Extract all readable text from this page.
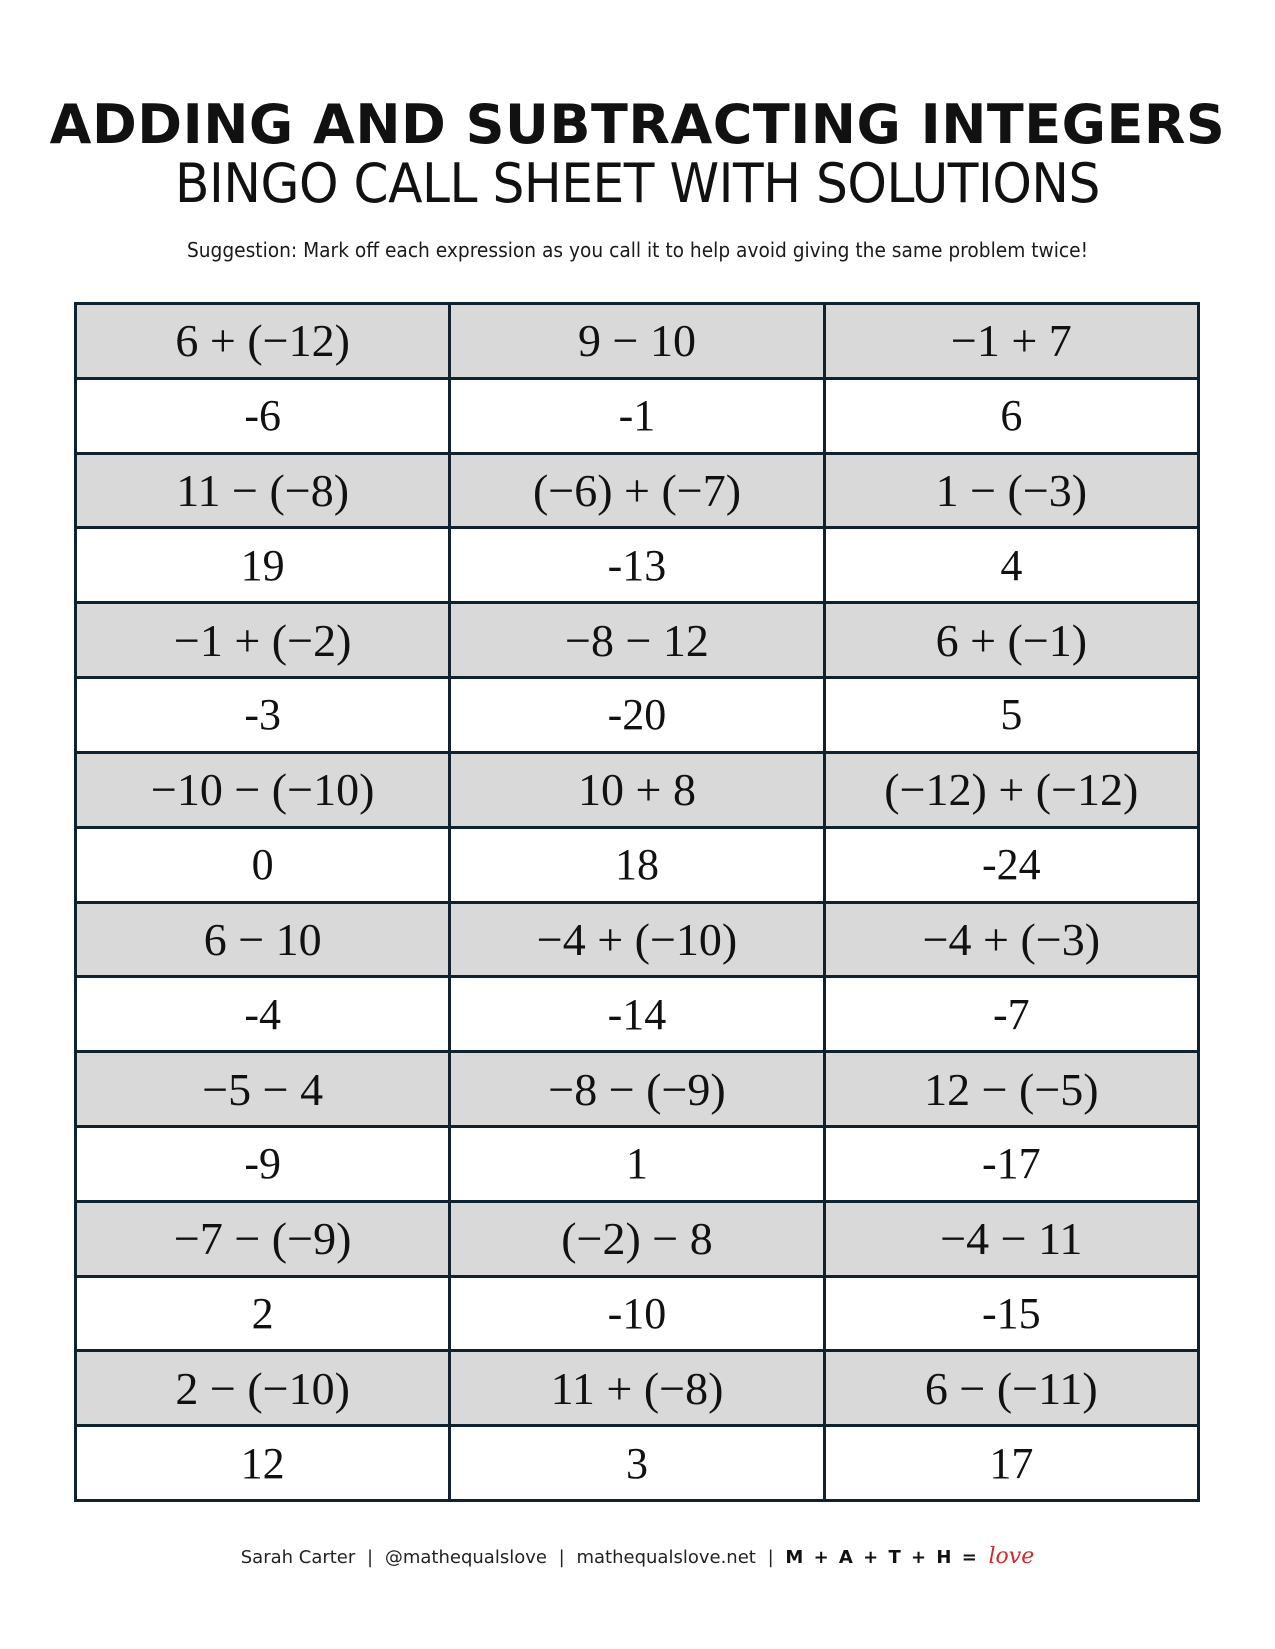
ADDING AND SUBTRACTING INTEGERS
BINGO CALL SHEET WITH SOLUTIONS
Suggestion: Mark off each expression as you call it to help avoid giving the same problem twice!
6 + (−12)	9 − 10	−1 + 7
-6	-1	6
11 − (−8)	(−6) + (−7)	1 − (−3)
19	-13	4
−1 + (−2)	−8 − 12	6 + (−1)
-3	-20	5
−10 − (−10)	10 + 8	(−12) + (−12)
0	18	-24
6 − 10	−4 + (−10)	−4 + (−3)
-4	-14	-7
−5 − 4	−8 − (−9)	12 − (−5)
-9	1	-17
−7 − (−9)	(−2) − 8	−4 − 11
2	-10	-15
2 − (−10)	11 + (−8)	6 − (−11)
12	3	17
Sarah Carter | @mathequalslove | mathequalslove.net | M + A + T + H = love
